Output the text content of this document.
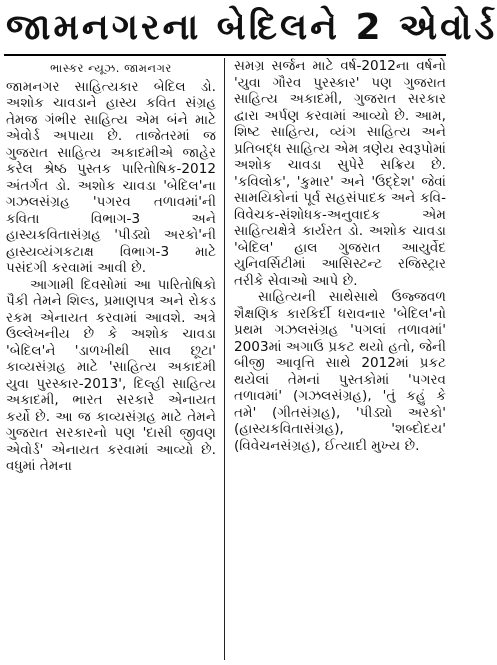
જામનગરના બેદિલને 2 એવોર્ડ
ભાસ્કર ન્યૂઝ. જામનગર

જામનગર સાહિત્યકાર બેદિલ ડો. અશોક ચાવડાને હાસ્ય કવિત સંગ્રહ તેમજ ગંભીર સાહિત્ય એમ બંને માટે એવોર્ડ અપાયા છે. તાજેતરમાં જ ગુજરાત સાહિત્ય અકાદમીએ જાહેર કરેલ શ્રેષ્ઠ પુસ્તક પારિતોષિક-2012 અંતર્ગત ડો. અશોક ચાવડા 'બેદિલ'ના ગઝલસંગ્રહ 'પગરવ તળાવમાં'ની કવિતા વિભાગ-3 અને હાસ્યકવિતાસંગ્રહ 'પીડ્યો અરકો'ની હાસ્યવ્યંગકટાક્ષ વિભાગ-3 માટે પસંદગી કરવામાં આવી છે.

આગામી દિવસોમાં આ પારિતોષિકો પૈકી તેમને શિલ્ડ, પ્રમાણપત્ર અને રોકડ રકમ એનાયત કરવામાં આવશે. અત્રે ઉલ્લેખનીય છે કે અશોક ચાવડા 'બેદિલ'ને 'ડાળખીથી સાવ છૂટા' કાવ્યસંગ્રહ માટે 'સાહિત્ય અકાદમી યુવા પુરસ્કાર-2013', દિલ્હી સાહિત્ય અકાદમી, ભારત સરકારે એનાયત કર્યો છે. આ જ કાવ્યસંગ્રહ માટે તેમને ગુજરાત સરકારનો પણ 'દાસી જીવણ એવોર્ડ' એનાયત કરવામાં આવ્યો છે. વધુમાં તેમના

સમગ્ર સર્જન માટે વર્ષ-2012ના વર્ષનો 'યુવા ગૌરવ પુરસ્કાર' પણ ગુજરાત સાહિત્ય અકાદમી, ગુજરાત સરકાર દ્વારા અર્પણ કરવામાં આવ્યો છે. આમ, શિષ્ટ સાહિત્ય, વ્યંગ સાહિત્ય અને પ્રતિબદ્ધ સાહિત્ય એમ ત્રણેય સ્વરૂપોમાં અશોક ચાવડા સુપેરે સક્રિય છે. 'કવિલોક', 'કુમાર' અને 'ઉદ્દેશ' જેવાં સામયિકોનાં પૂર્વ સહસંપાદક અને કવિ-વિવેચક-સંશોધક-અનુવાદક એમ સાહિત્યક્ષેત્રે કાર્યરત ડો. અશોક ચાવડા 'બેદિલ' હાલ ગુજરાત આયુર્વેદ યુનિવર્સિટીમાં આસિસ્ટન્ટ રજિસ્ટ્રાર તરીકે સેવાઓ આપે છે.

સાહિત્યની સાથેસાથે ઉજ્જવળ શૈક્ષણિક કારકિર્દી ધરાવનાર 'બેદિલ'નો પ્રથમ ગઝલસંગ્રહ 'પગલાં તળાવમાં' 2003માં અગાઉ પ્રકટ થયો હતો, જેની બીજી આવૃત્તિ સાથે 2012માં પ્રકટ થયેલાં તેમનાં પુસ્તકોમાં 'પગરવ તળાવમાં' (ગઝલસંગ્રહ), 'તું કહું કે તમે' (ગીતસંગ્રહ), 'પીડ્યો અરકો' (હાસ્યકવિતાસંગ્રહ), 'શબ્દોદય' (વિવેચનસંગ્રહ), ઈત્યાદી મુખ્ય છે.
